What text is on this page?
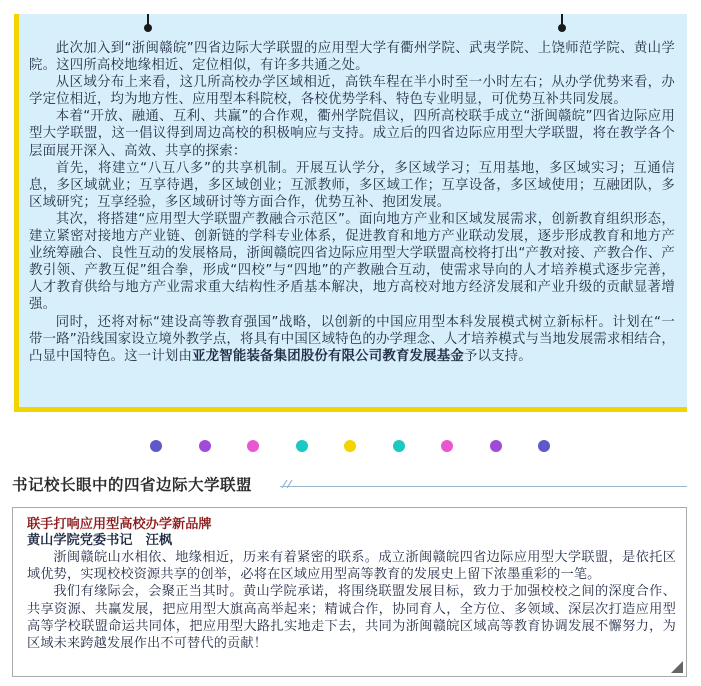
此次加入到“浙闽赣皖”四省边际大学联盟的应用型大学有衢州学院、武夷学院、上饶师范学院、黄山学院。这四所高校地缘相近、定位相似，有许多共通之处。

从区域分布上来看，这几所高校办学区域相近，高铁车程在半小时至一小时左右；从办学优势来看，办学定位相近，均为地方性、应用型本科院校，各校优势学科、特色专业明显，可优势互补共同发展。

本着“开放、融通、互利、共赢”的合作观，衢州学院倡议，四所高校联手成立“浙闽赣皖”四省边际应用型大学联盟，这一倡议得到周边高校的积极响应与支持。成立后的四省边际应用型大学联盟，将在教学各个层面展开深入、高效、共享的探索：

首先，将建立“八互八多”的共享机制。开展互认学分，多区域学习；互用基地，多区域实习；互通信息，多区域就业；互享待遇，多区域创业；互派教师，多区域工作；互享设备，多区域使用；互融团队，多区域研究；互享经验，多区域研讨等方面合作，优势互补、抱团发展。

其次，将搭建“应用型大学联盟产教融合示范区”。面向地方产业和区域发展需求，创新教育组织形态，建立紧密对接地方产业链、创新链的学科专业体系，促进教育和地方产业联动发展，逐步形成教育和地方产业统筹融合、良性互动的发展格局，浙闽赣皖四省边际应用型大学联盟高校将打出“产教对接、产教合作、产教引领、产教互促”组合拳，形成“四校”与“四地”的产教融合互动，使需求导向的人才培养模式逐步完善，人才教育供给与地方产业需求重大结构性矛盾基本解决，地方高校对地方经济发展和产业升级的贡献显著增强。

同时，还将对标“建设高等教育强国”战略，以创新的中国应用型本科发展模式树立新标杆。计划在“一带一路”沿线国家设立境外教学点，将具有中国区域特色的办学理念、人才培养模式与当地发展需求相结合，凸显中国特色。这一计划由亚龙智能装备集团股份有限公司教育发展基金予以支持。

书记校长眼中的四省边际大学联盟
联手打响应用型高校办学新品牌
黄山学院党委书记　汪枫

浙闽赣皖山水相依、地缘相近，历来有着紧密的联系。成立浙闽赣皖四省边际应用型大学联盟，是依托区域优势，实现校校资源共享的创举，必将在区域应用型高等教育的发展史上留下浓墨重彩的一笔。

我们有缘际会，会聚正当其时。黄山学院承诺，将围绕联盟发展目标，致力于加强校校之间的深度合作、共享资源、共赢发展，把应用型大旗高高举起来；精诚合作，协同育人，全方位、多领域、深层次打造应用型高等学校联盟命运共同体，把应用型大路扎实地走下去，共同为浙闽赣皖区域高等教育协调发展不懈努力，为区域未来跨越发展作出不可替代的贡献！
